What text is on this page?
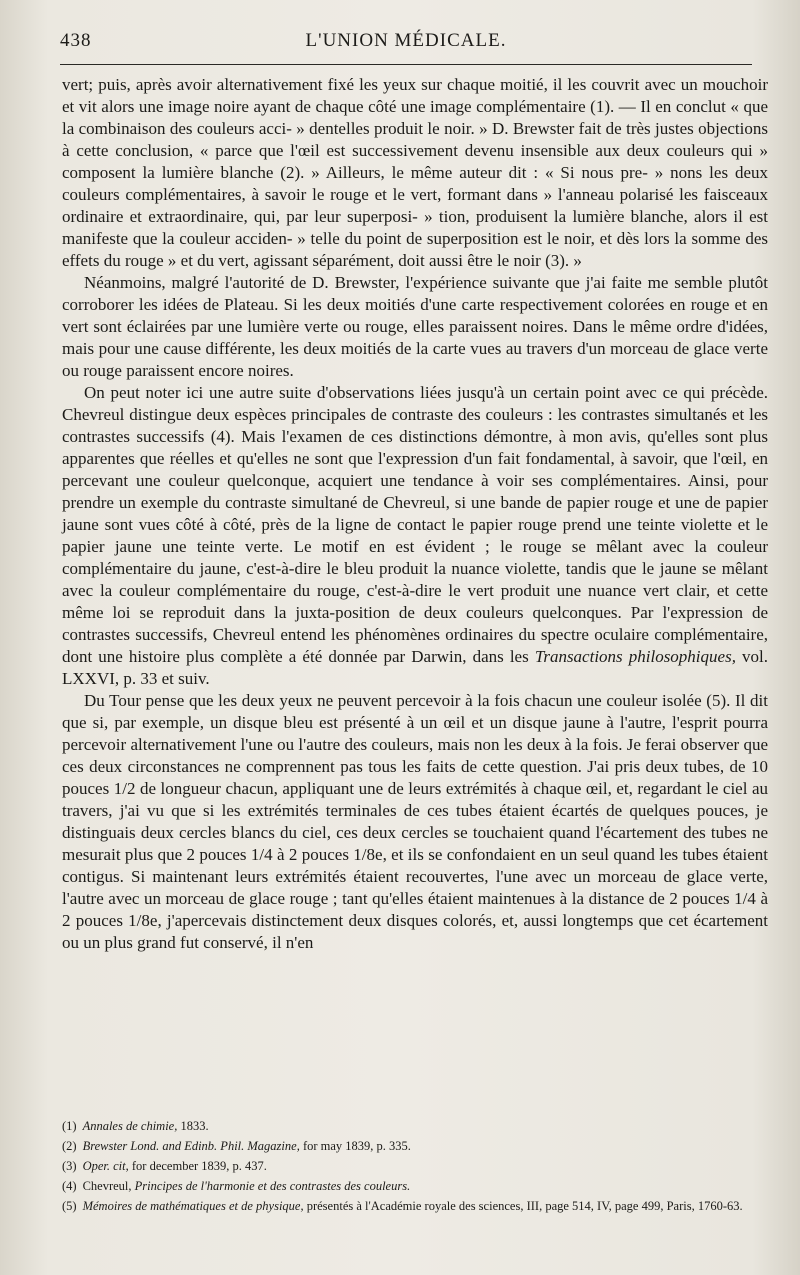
438	L'UNION MÉDICALE.

vert; puis, après avoir alternativement fixé les yeux sur chaque moitié, il les couvrit avec un mouchoir et vit alors une image noire ayant de chaque côté une image complémentaire (1). — Il en conclut « que la combinaison des couleurs acci- » dentelles produit le noir. » D. Brewster fait de très justes objections à cette conclusion, « parce que l'œil est successivement devenu insensible aux deux couleurs qui » composent la lumière blanche (2). » Ailleurs, le même auteur dit : « Si nous pre- » nons les deux couleurs complémentaires, à savoir le rouge et le vert, formant dans » l'anneau polarisé les faisceaux ordinaire et extraordinaire, qui, par leur superposi- » tion, produisent la lumière blanche, alors il est manifeste que la couleur acciden- » telle du point de superposition est le noir, et dès lors la somme des effets du rouge » et du vert, agissant séparément, doit aussi être le noir (3). »

Néanmoins, malgré l'autorité de D. Brewster, l'expérience suivante que j'ai faite me semble plutôt corroborer les idées de Plateau. Si les deux moitiés d'une carte respectivement colorées en rouge et en vert sont éclairées par une lumière verte ou rouge, elles paraissent noires. Dans le même ordre d'idées, mais pour une cause différente, les deux moitiés de la carte vues au travers d'un morceau de glace verte ou rouge paraissent encore noires.

On peut noter ici une autre suite d'observations liées jusqu'à un certain point avec ce qui précède. Chevreul distingue deux espèces principales de contraste des couleurs : les contrastes simultanés et les contrastes successifs (4). Mais l'examen de ces distinctions démontre, à mon avis, qu'elles sont plus apparentes que réelles et qu'elles ne sont que l'expression d'un fait fondamental, à savoir, que l'œil, en percevant une couleur quelconque, acquiert une tendance à voir ses complémentaires. Ainsi, pour prendre un exemple du contraste simultané de Chevreul, si une bande de papier rouge et une de papier jaune sont vues côté à côté, près de la ligne de contact le papier rouge prend une teinte violette et le papier jaune une teinte verte. Le motif en est évident ; le rouge se mêlant avec la couleur complémentaire du jaune, c'est-à-dire le bleu produit la nuance violette, tandis que le jaune se mêlant avec la couleur complémentaire du rouge, c'est-à-dire le vert produit une nuance vert clair, et cette même loi se reproduit dans la juxta-position de deux couleurs quelconques. Par l'expression de contrastes successifs, Chevreul entend les phénomènes ordinaires du spectre oculaire complémentaire, dont une histoire plus complète a été donnée par Darwin, dans les Transactions philosophiques, vol. LXXVI, p. 33 et suiv.

Du Tour pense que les deux yeux ne peuvent percevoir à la fois chacun une couleur isolée (5). Il dit que si, par exemple, un disque bleu est présenté à un œil et un disque jaune à l'autre, l'esprit pourra percevoir alternativement l'une ou l'autre des couleurs, mais non les deux à la fois. Je ferai observer que ces deux circonstances ne comprennent pas tous les faits de cette question. J'ai pris deux tubes, de 10 pouces 1/2 de longueur chacun, appliquant une de leurs extrémités à chaque œil, et, regardant le ciel au travers, j'ai vu que si les extrémités terminales de ces tubes étaient écartés de quelques pouces, je distinguais deux cercles blancs du ciel, ces deux cercles se touchaient quand l'écartement des tubes ne mesurait plus que 2 pouces 1/4 à 2 pouces 1/8e, et ils se confondaient en un seul quand les tubes étaient contigus. Si maintenant leurs extrémités étaient recouvertes, l'une avec un morceau de glace verte, l'autre avec un morceau de glace rouge ; tant qu'elles étaient maintenues à la distance de 2 pouces 1/4 à 2 pouces 1/8e, j'apercevais distinctement deux disques colorés, et, aussi longtemps que cet écartement ou un plus grand fut conservé, il n'en

(1) Annales de chimie, 1833.
(2) Brewster Lond. and Edinb. Phil. Magazine, for may 1839, p. 335.
(3) Oper. cit, for december 1839, p. 437.
(4) Chevreul, Principes de l'harmonie et des contrastes des couleurs.
(5) Mémoires de mathématiques et de physique, présentés à l'Académie royale des sciences, III, page 514, IV, page 499, Paris, 1760-63.
